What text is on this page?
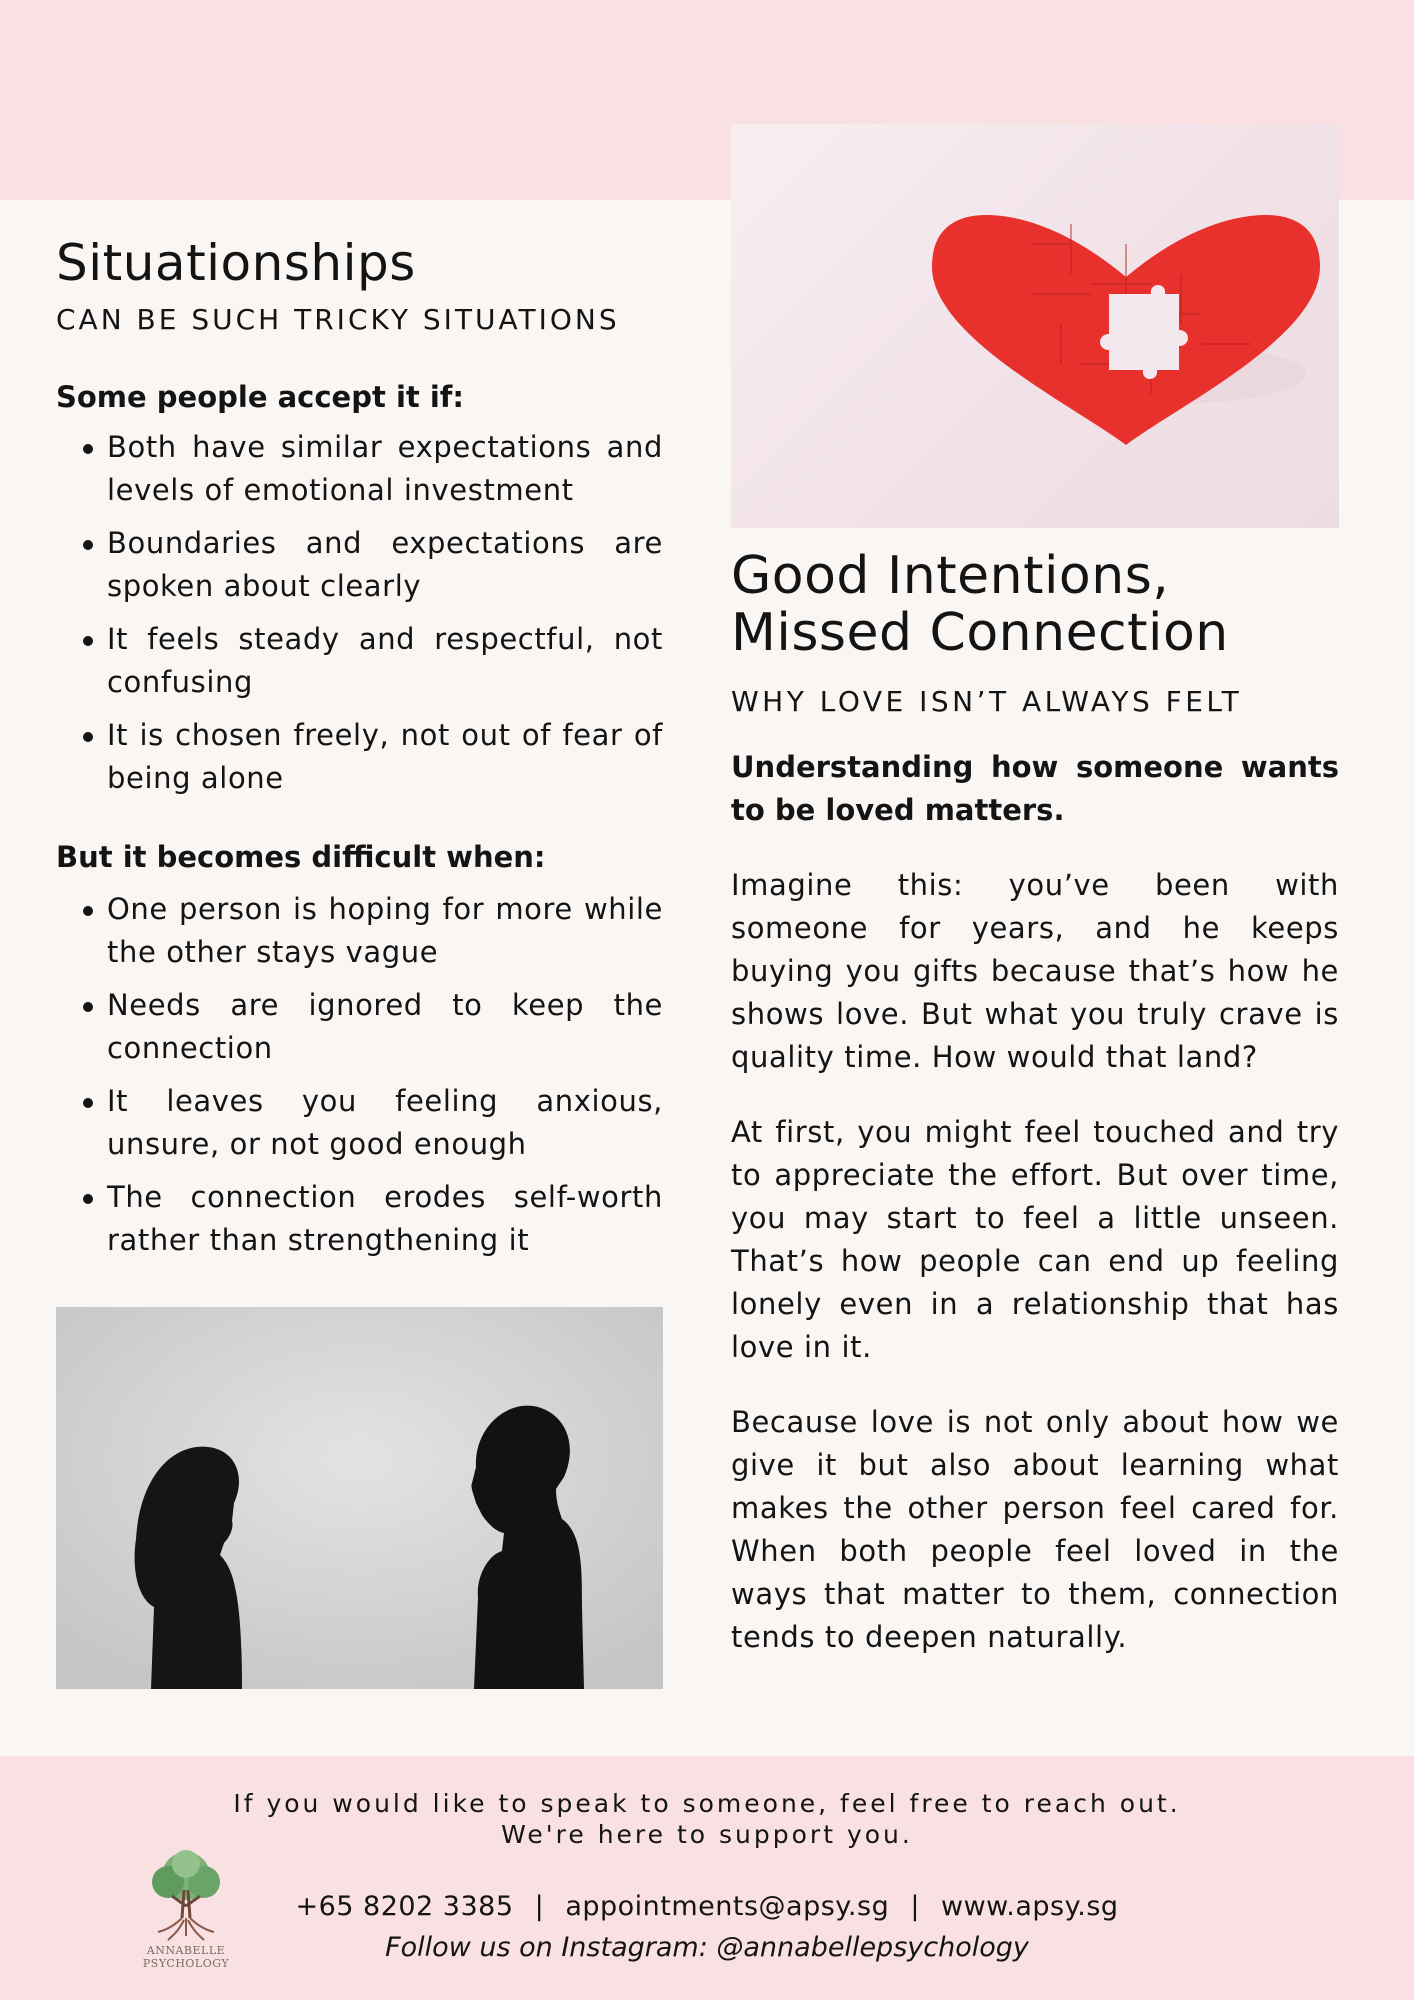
Situationships
CAN BE SUCH TRICKY SITUATIONS
Some people accept it if:
Both have similar expectations and levels of emotional investment
Boundaries and expectations are spoken about clearly
It feels steady and respectful, not confusing
It is chosen freely, not out of fear of being alone
But it becomes difficult when:
One person is hoping for more while the other stays vague
Needs are ignored to keep the connection
It leaves you feeling anxious, unsure, or not good enough
The connection erodes self-worth rather than strengthening it
Good Intentions,
Missed Connection
WHY LOVE ISN’T ALWAYS FELT
Understanding how someone wants to be loved matters.
Imagine this: you’ve been with someone for years, and he keeps buying you gifts because that’s how he shows love. But what you truly crave is quality time. How would that land?
At first, you might feel touched and try to appreciate the effort. But over time, you may start to feel a little unseen. That’s how people can end up feeling lonely even in a relationship that has love in it.
Because love is not only about how we give it but also about learning what makes the other person feel cared for. When both people feel loved in the ways that matter to them, connection tends to deepen naturally.
If you would like to speak to someone, feel free to reach out.
We're here to support you.
ANNABELLE
PSYCHOLOGY
+65 8202 3385 | appointments@apsy.sg | www.apsy.sg
Follow us on Instagram: @annabellepsychology
